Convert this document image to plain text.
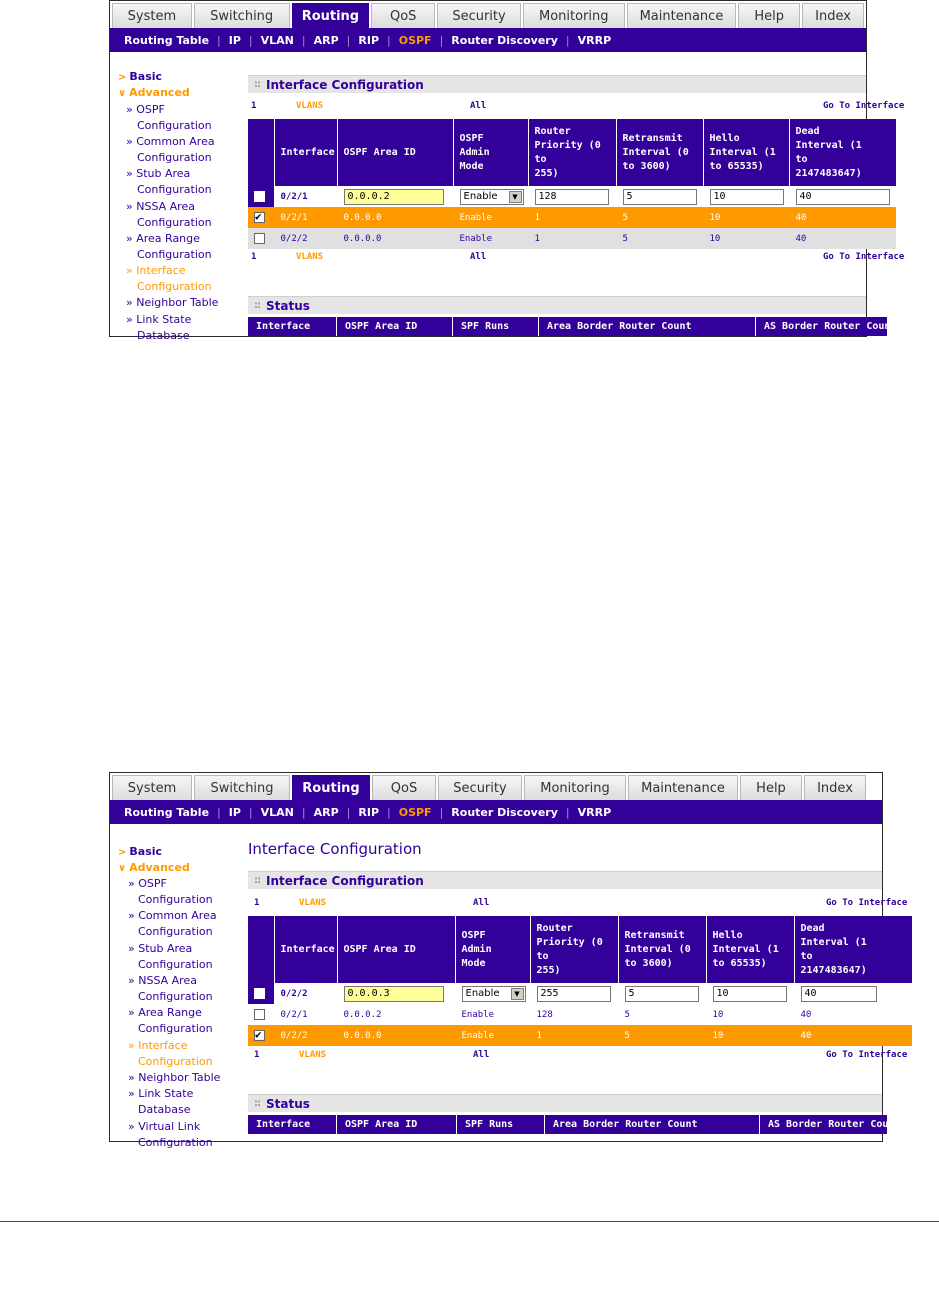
System	Switching	Routing	QoS	Security	Monitoring	Maintenance	Help	Index
Routing Table | IP | VLAN | ARP | RIP | OSPF | Router Discovery | VRRP
> Basic
∨ Advanced
» OSPF
Configuration
» Common Area
Configuration
» Stub Area
Configuration
» NSSA Area
Configuration
» Area Range
Configuration
» Interface
Configuration
» Neighbor Table
» Link State
Database
:: Interface Configuration
1	VLANS	All	Go To Interface
	Interface	OSPF Area ID	OSPF
Admin
Mode	Router
Priority (0 to
255)	Retransmit
Interval (0
to 3600)	Hello
Interval (1
to 65535)	Dead
Interval (1
to
2147483647)
	0/2/1	0.0.0.2	Enable ▼	128	5	10	40

✔	0/2/1	0.0.0.0	Enable	1	5	10	40
	0/2/2	0.0.0.0	Enable	1	5	10	40
1	VLANS	All	Go To Interface
:: Status
Interface	OSPF Area ID	SPF Runs	Area Border Router Count	AS Border Router Count
System	Switching	Routing	QoS	Security	Monitoring	Maintenance	Help	Index
Routing Table | IP | VLAN | ARP | RIP | OSPF | Router Discovery | VRRP
> Basic
∨ Advanced
» OSPF
Configuration
» Common Area
Configuration
» Stub Area
Configuration
» NSSA Area
Configuration
» Area Range
Configuration
» Interface
Configuration
» Neighbor Table
» Link State
Database
» Virtual Link
Configuration
Interface Configuration
:: Interface Configuration
1	VLANS	All	Go To Interface
	Interface	OSPF Area ID	OSPF
Admin
Mode	Router
Priority (0 to
255)	Retransmit
Interval (0
to 3600)	Hello
Interval (1
to 65535)	Dead
Interval (1
to
2147483647)
	0/2/2	0.0.0.3	Enable ▼	255	5	10	40

	0/2/1	0.0.0.2	Enable	128	5	10	40
✔	0/2/2	0.0.0.0	Enable	1	5	10	40
1	VLANS	All	Go To Interface
:: Status
Interface	OSPF Area ID	SPF Runs	Area Border Router Count	AS Border Router Count
